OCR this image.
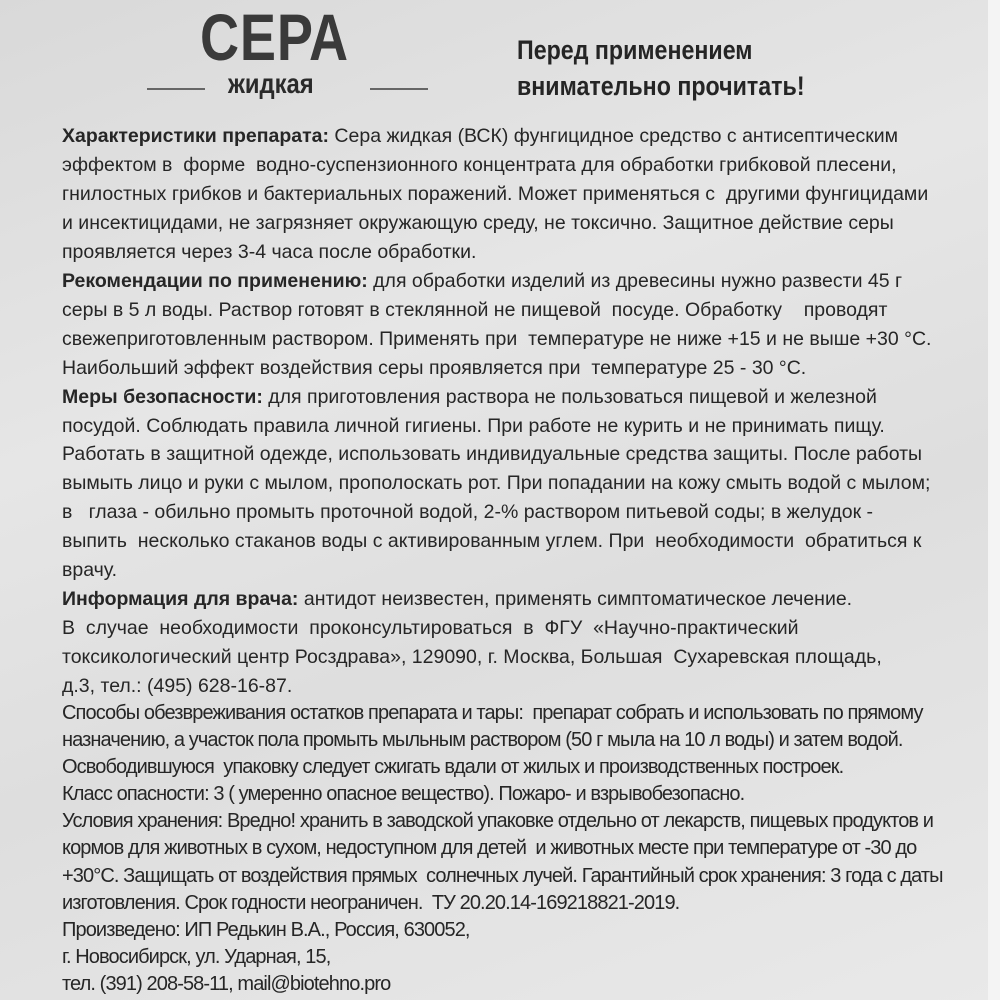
СЕРА
жидкая
Перед применением
внимательно прочитать!
Характеристики препарата: Сера жидкая (ВСК) фунгицидное средство с антисептическим
эффектом в  форме  водно-суспензионного концентрата для обработки грибковой плесени,
гнилостных грибков и бактериальных поражений. Может применяться с  другими фунгицидами
и инсектицидами, не загрязняет окружающую среду, не токсично. Защитное действие серы
проявляется через 3-4 часа после обработки.
Рекомендации по применению: для обработки изделий из древесины нужно развести 45 г
серы в 5 л воды. Раствор готовят в стеклянной не пищевой  посуде. Обработку    проводят
свежеприготовленным раствором. Применять при  температуре не ниже +15 и не выше +30 °С.
Наибольший эффект воздействия серы проявляется при  температуре 25 - 30 °С.
Меры безопасности: для приготовления раствора не пользоваться пищевой и железной
посудой. Соблюдать правила личной гигиены. При работе не курить и не принимать пищу.
Работать в защитной одежде, использовать индивидуальные средства защиты. После работы
вымыть лицо и руки с мылом, прополоскать рот. При попадании на кожу смыть водой с мылом;
в   глаза - обильно промыть проточной водой, 2-% раствором питьевой соды; в желудок -
выпить  несколько стаканов воды с активированным углем. При  необходимости  обратиться к
врачу.
Информация для врача: антидот неизвестен, применять симптоматическое лечение.
В  случае  необходимости  проконсультироваться  в  ФГУ  «Научно-практический
токсикологический центр Росздрава», 129090, г. Москва, Большая  Сухаревская площадь,
д.3, тел.: (495) 628-16-87.
Способы обезвреживания остатков препарата и тары:  препарат собрать и использовать по прямому
назначению, а участок пола промыть мыльным раствором (50 г мыла на 10 л воды) и затем водой.
Освободившуюся  упаковку следует сжигать вдали от жилых и производственных построек.
Класс опасности: 3 ( умеренно опасное вещество). Пожаро- и взрывобезопасно.
Условия хранения: Вредно! хранить в заводской упаковке отдельно от лекарств, пищевых продуктов и
кормов для животных в сухом, недоступном для детей  и животных месте при температуре от -30 до
+30°С. Защищать от воздействия прямых  солнечных лучей. Гарантийный срок хранения: 3 года с даты
изготовления. Срок годности неограничен.  ТУ 20.20.14-169218821-2019.
Произведено: ИП Редькин В.А., Россия, 630052,
г. Новосибирск, ул. Ударная, 15,
тел. (391) 208-58-11, mail@biotehno.pro
